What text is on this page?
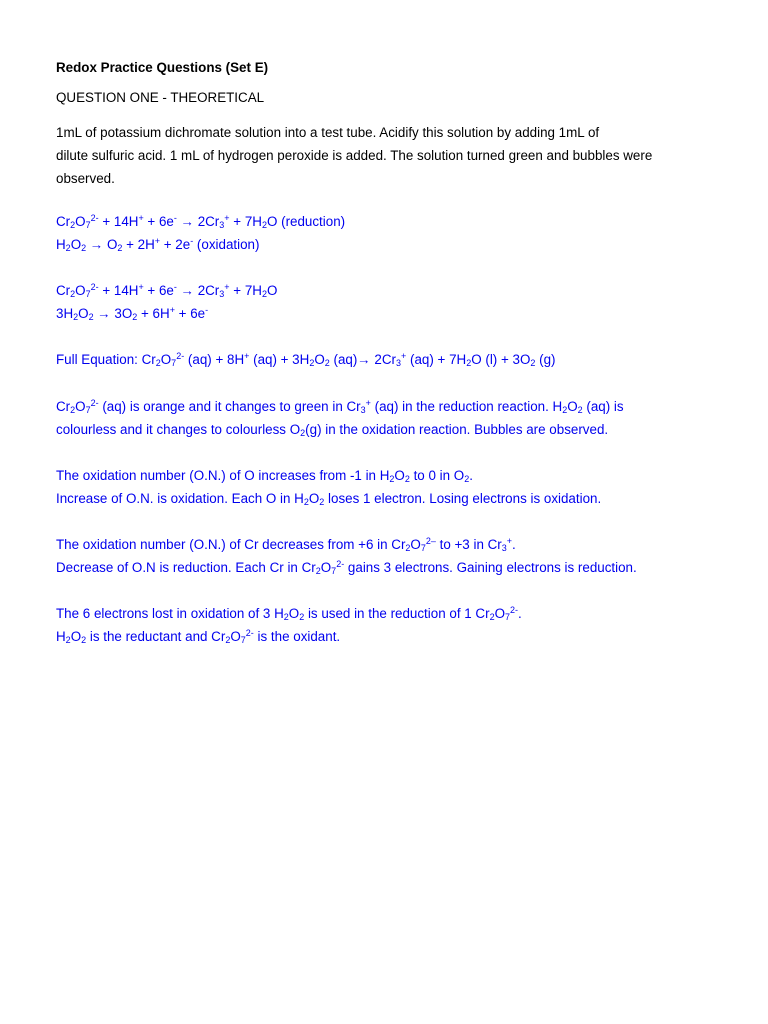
Redox Practice Questions (Set E)
QUESTION ONE - THEORETICAL
1mL of potassium dichromate solution into a test tube. Acidify this solution by adding 1mL of
dilute sulfuric acid. 1 mL of hydrogen peroxide is added. The solution turned green and bubbles were
observed.
$Cr_2O_7^{2-} + 14H^+ + 6e^- \to 2Cr_3^+ + 7H_2O$ (reduction)
$H_2O_2 \to O_2 + 2H^+ + 2e^-$ (oxidation)
$Cr_2O_7^{2-} + 14H^+ + 6e^- \to 2Cr_3^+ + 7H_2O$
$3H_2O_2 \to 3O_2 + 6H^+ + 6e^-$
Full Equation: $Cr_2O_7^{2-}$ (aq) + 8H+ $(aq) + 3H_2O_2$ $(aq)\to 2Cr_3^+$ $(aq) + 7H_2O$ $(l) + 3O_2$ (g)
$Cr_2O_7^{2-}$ (aq) is orange and it changes to green in $Cr_3^+$ (aq) in the reduction reaction. $H_2O_2$ (aq) is
colourless and it changes to colourless $O_2(g)$ in the oxidation reaction. Bubbles are observed.
The oxidation number (O.N.) of O increases from -1 in $H_2O_2$ to 0 in $O_2$.
Increase of O.N. is oxidation. Each O in $H_2O_2$ loses 1 electron. Losing electrons is oxidation.
The oxidation number (O.N.) of Cr decreases from +6 in $Cr_2O_7^{2-}$ to +3 in $Cr_3^+$.
Decrease of O.N is reduction. Each Cr in $Cr_2O_7^{2-}$ gains 3 electrons. Gaining electrons is reduction.
The 6 electrons lost in oxidation of 3 $H_2O_2$ is used in the reduction of 1 $Cr_2O_7^{2-}$.
$H_2O_2$ is the reductant and $Cr_2O_7^{2-}$ is the oxidant.
